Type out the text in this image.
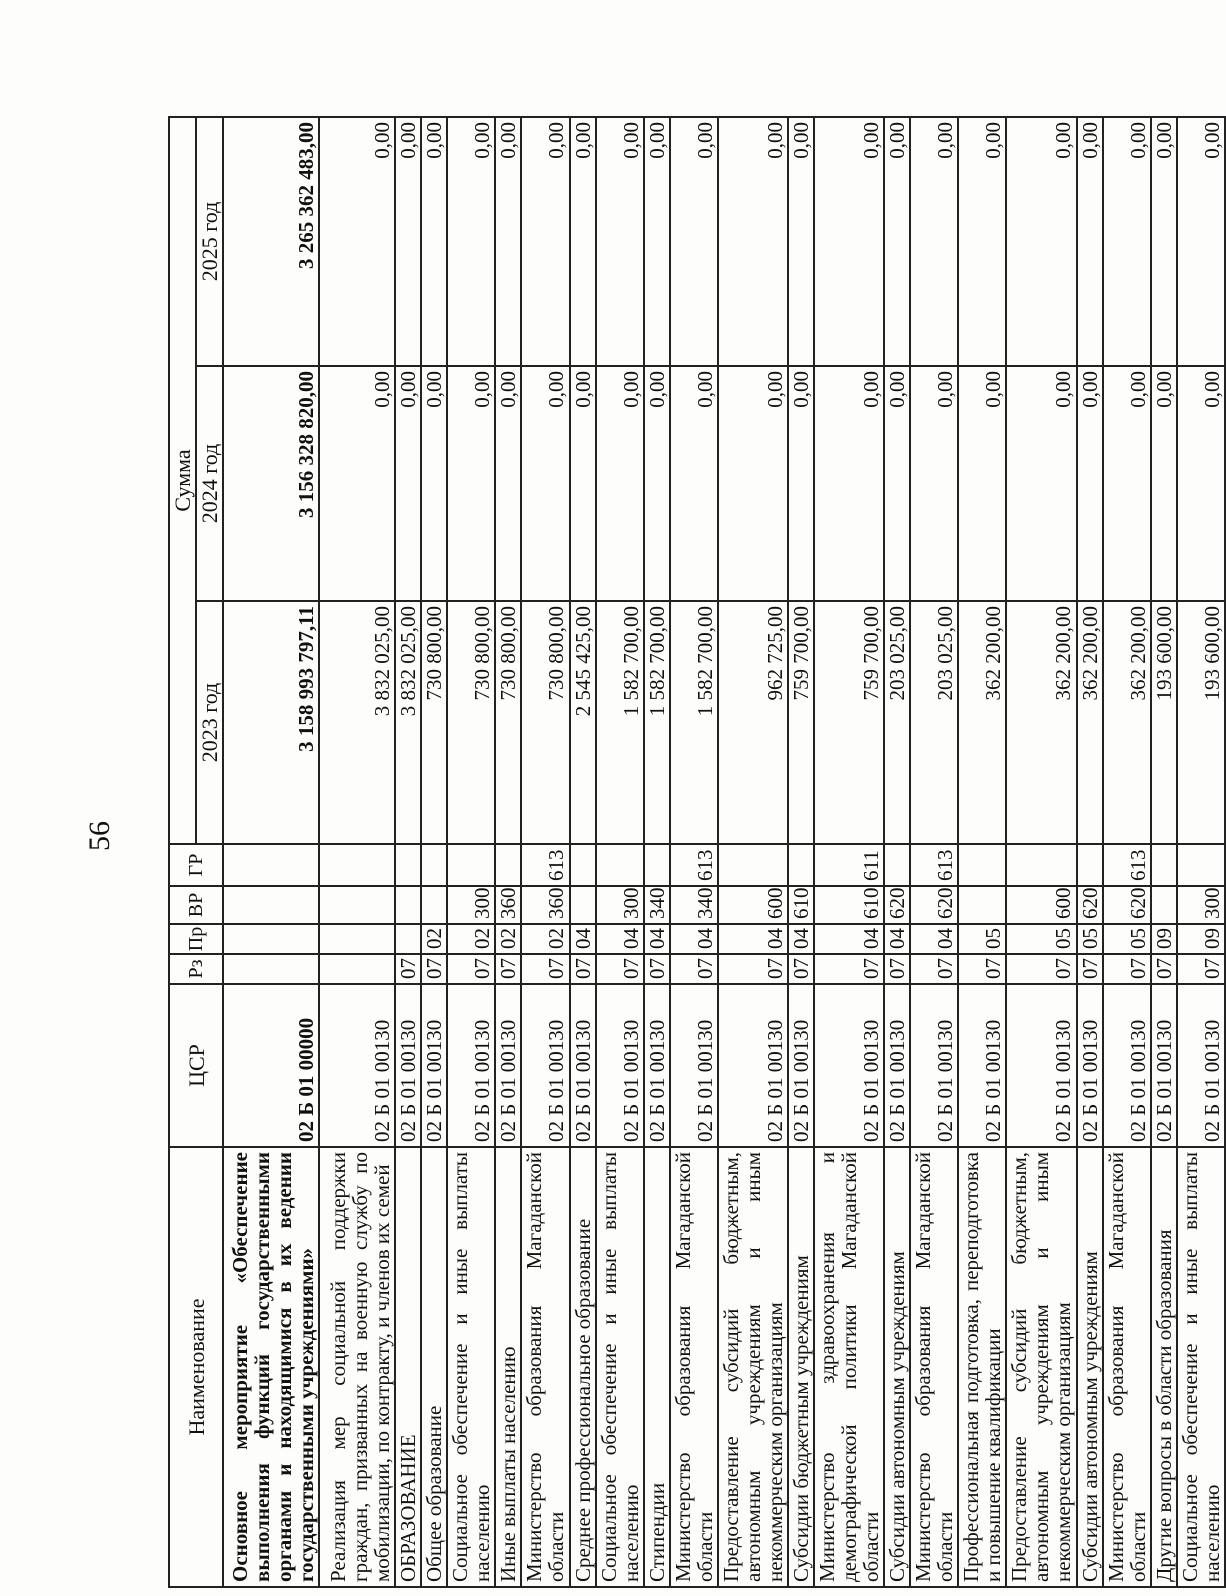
56
Наименование	ЦСР	Рз	Пр	ВР	ГР	Сумма		
						2023 год	2024 год	2025 год
Основное мероприятие «Обеспечение выполнения функций государственными органами и находящимися в их ведении государственными учреждениями»	02 Б 01 00000					3 158 993 797,11	3 156 328 820,00	3 265 362 483,00
Реализация мер социальной поддержки граждан, призванных на военную службу по мобилизации, по контракту, и членов их семей	02 Б 01 00130					3 832 025,00	0,00	0,00
ОБРАЗОВАНИЕ	02 Б 01 00130	07				3 832 025,00	0,00	0,00
Общее образование	02 Б 01 00130	07	02			730 800,00	0,00	0,00
Социальное обеспечение и иные выплаты населению	02 Б 01 00130	07	02	300		730 800,00	0,00	0,00
Иные выплаты населению	02 Б 01 00130	07	02	360		730 800,00	0,00	0,00
Министерство образования Магаданской области	02 Б 01 00130	07	02	360	613	730 800,00	0,00	0,00
Среднее профессиональное образование	02 Б 01 00130	07	04			2 545 425,00	0,00	0,00
Социальное обеспечение и иные выплаты населению	02 Б 01 00130	07	04	300		1 582 700,00	0,00	0,00
Стипендии	02 Б 01 00130	07	04	340		1 582 700,00	0,00	0,00
Министерство образования Магаданской области	02 Б 01 00130	07	04	340	613	1 582 700,00	0,00	0,00
Предоставление субсидий бюджетным, автономным учреждениям и иным некоммерческим организациям	02 Б 01 00130	07	04	600		962 725,00	0,00	0,00
Субсидии бюджетным учреждениям	02 Б 01 00130	07	04	610		759 700,00	0,00	0,00
Министерство здравоохранения и демографической политики Магаданской области	02 Б 01 00130	07	04	610	611	759 700,00	0,00	0,00
Субсидии автономным учреждениям	02 Б 01 00130	07	04	620		203 025,00	0,00	0,00
Министерство образования Магаданской области	02 Б 01 00130	07	04	620	613	203 025,00	0,00	0,00
Профессиональная подготовка, переподготовка и повышение квалификации	02 Б 01 00130	07	05			362 200,00	0,00	0,00
Предоставление субсидий бюджетным, автономным учреждениям и иным некоммерческим организациям	02 Б 01 00130	07	05	600		362 200,00	0,00	0,00
Субсидии автономным учреждениям	02 Б 01 00130	07	05	620		362 200,00	0,00	0,00
Министерство образования Магаданской области	02 Б 01 00130	07	05	620	613	362 200,00	0,00	0,00
Другие вопросы в области образования	02 Б 01 00130	07	09			193 600,00	0,00	0,00
Социальное обеспечение и иные выплаты населению	02 Б 01 00130	07	09	300		193 600,00	0,00	0,00
